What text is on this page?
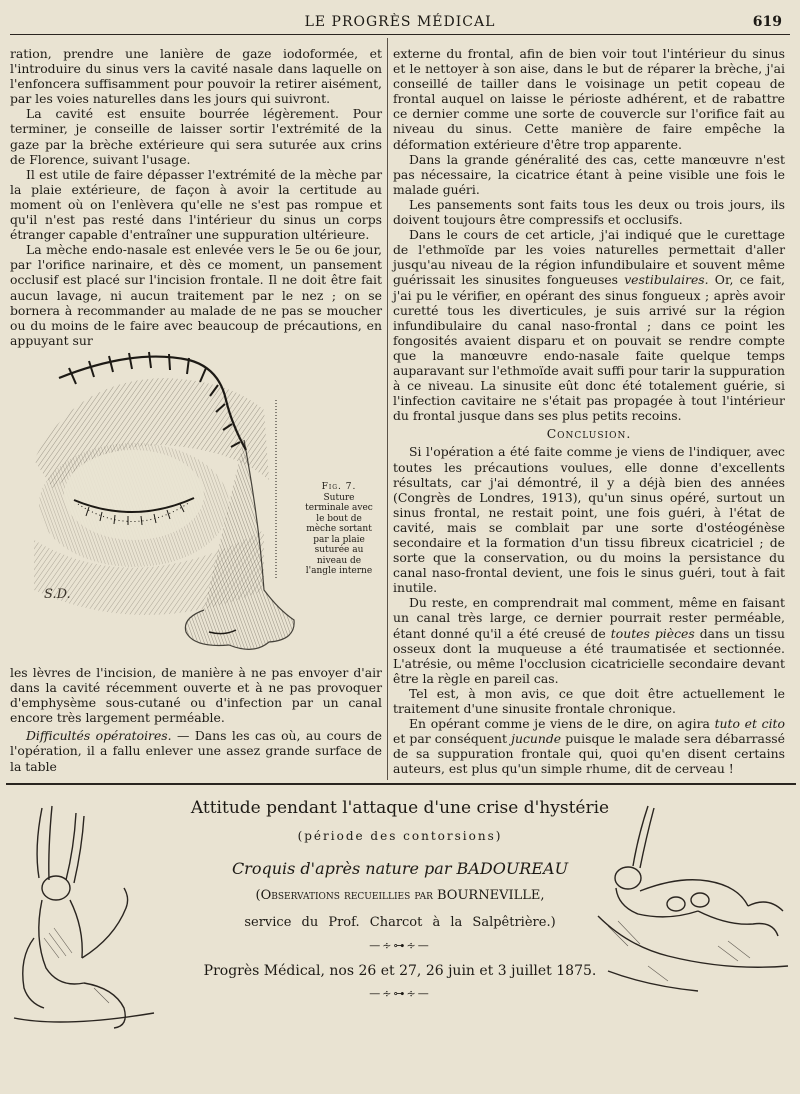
LE PROGRÈS MÉDICAL	619

ration, prendre une lanière de gaze iodoformée, et l'introduire du sinus vers la cavité nasale dans laquelle on l'enfoncera suffisamment pour pouvoir la retirer aisément, par les voies naturelles dans les jours qui suivront.

La cavité est ensuite bourrée légèrement. Pour terminer, je conseille de laisser sortir l'extrémité de la gaze par la brèche extérieure qui sera suturée aux crins de Florence, suivant l'usage.

Il est utile de faire dépasser l'extrémité de la mèche par la plaie extérieure, de façon à avoir la certitude au moment où on l'enlèvera qu'elle ne s'est pas rompue et qu'il n'est pas resté dans l'intérieur du sinus un corps étranger capable d'entraîner une suppuration ultérieure.

La mèche endo-nasale est enlevée vers le 5e ou 6e jour, par l'orifice narinaire, et dès ce moment, un pansement occlusif est placé sur l'incision frontale. Il ne doit être fait aucun lavage, ni aucun traitement par le nez ; on se bornera à recommander au malade de ne pas se moucher ou du moins de le faire avec beaucoup de précautions, en appuyant sur

S.D.
Fig. 7.
Suture terminale avec le bout de mèche sortant par la plaie suturée au niveau de l'angle interne

les lèvres de l'incision, de manière à ne pas envoyer d'air dans la cavité récemment ouverte et à ne pas provoquer d'emphysème sous-cutané ou d'infection par un canal encore très largement perméable.

Difficultés opératoires. — Dans les cas où, au cours de l'opération, il a fallu enlever une assez grande surface de la table

externe du frontal, afin de bien voir tout l'intérieur du sinus et le nettoyer à son aise, dans le but de réparer la brèche, j'ai conseillé de tailler dans le voisinage un petit copeau de frontal auquel on laisse le périoste adhérent, et de rabattre ce dernier comme une sorte de couvercle sur l'orifice fait au niveau du sinus. Cette manière de faire empêche la déformation extérieure d'être trop apparente.

Dans la grande généralité des cas, cette manœuvre n'est pas nécessaire, la cicatrice étant à peine visible une fois le malade guéri.

Les pansements sont faits tous les deux ou trois jours, ils doivent toujours être compressifs et occlusifs.

Dans le cours de cet article, j'ai indiqué que le curettage de l'ethmoïde par les voies naturelles permettait d'aller jusqu'au niveau de la région infundibulaire et souvent même guérissait les sinusites fongueuses vestibulaires. Or, ce fait, j'ai pu le vérifier, en opérant des sinus fongueux ; après avoir curetté tous les diverticules, je suis arrivé sur la région infundibulaire du canal naso-frontal ; dans ce point les fongosités avaient disparu et on pouvait se rendre compte que la manœuvre endo-nasale faite quelque temps auparavant sur l'ethmoïde avait suffi pour tarir la suppuration à ce niveau. La sinusite eût donc été totalement guérie, si l'infection cavitaire ne s'était pas propagée à tout l'intérieur du frontal jusque dans ses plus petits recoins.

Conclusion.

Si l'opération a été faite comme je viens de l'indiquer, avec toutes les précautions voulues, elle donne d'excellents résultats, car j'ai démontré, il y a déjà bien des années (Congrès de Londres, 1913), qu'un sinus opéré, surtout un sinus frontal, ne restait point, une fois guéri, à l'état de cavité, mais se comblait par une sorte d'ostéogénèse secondaire et la formation d'un tissu fibreux cicatriciel ; de sorte que la conservation, ou du moins la persistance du canal naso-frontal devient, une fois le sinus guéri, tout à fait inutile.

Du reste, en comprendrait mal comment, même en faisant un canal très large, ce dernier pourrait rester perméable, étant donné qu'il a été creusé de toutes pièces dans un tissu osseux dont la muqueuse a été traumatisée et sectionnée. L'atrésie, ou même l'occlusion cicatricielle secondaire devant être la règle en pareil cas.

Tel est, à mon avis, ce que doit être actuellement le traitement d'une sinusite frontale chronique.

En opérant comme je viens de le dire, on agira tuto et cito et par conséquent jucunde puisque le malade sera débarrassé de sa suppuration frontale qui, quoi qu'en disent certains auteurs, est plus qu'un simple rhume, dit de cerveau !

Attitude pendant l'attaque d'une crise d'hystérie
(période des contorsions)
Croquis d'après nature par BADOUREAU
(Observations recueillies par BOURNEVILLE,
service du Prof. Charcot à la Salpêtrière.)
—∻⊶∻—
Progrès Médical, nos 26 et 27, 26 juin et 3 juillet 1875.
—∻⊶∻—
